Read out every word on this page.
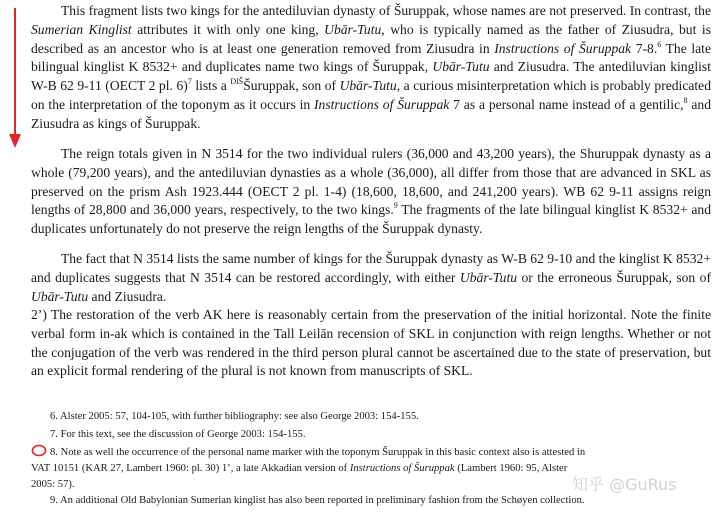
This fragment lists two kings for the antediluvian dynasty of Šuruppak, whose names are not preserved. In contrast, the Sumerian Kinglist attributes it with only one king, Ubār-Tutu, who is typically named as the father of Ziusudra, but is described as an ancestor who is at least one generation removed from Ziusudra in Instructions of Šuruppak 7-8.$^6$ The late bilingual kinglist K 8532+ and duplicates name two kings of Šuruppak, Ubār-Tutu and Ziusudra. The antediluvian kinglist W-B 62 9-11 (OECT 2 pl. 6)$^7$ lists a $^{DIŠ}$Šuruppak, son of Ubār-Tutu, a curious misinterpretation which is probably predicated on the interpretation of the toponym as it occurs in Instructions of Šuruppak 7 as a personal name instead of a gentilic,$^8$ and Ziusudra as kings of Šuruppak.
The reign totals given in N 3514 for the two individual rulers (36,000 and 43,200 years), the Shuruppak dynasty as a whole (79,200 years), and the antediluvian dynasties as a whole (36,000), all differ from those that are advanced in SKL as preserved on the prism Ash 1923.444 (OECT 2 pl. 1-4) (18,600, 18,600, and 241,200 years). WB 62 9-11 assigns reign lengths of 28,800 and 36,000 years, respectively, to the two kings.$^9$ The fragments of the late bilingual kinglist K 8532+ and duplicates unfortunately do not preserve the reign lengths of the Šuruppak dynasty.
The fact that N 3514 lists the same number of kings for the Šuruppak dynasty as W-B 62 9-10 and the kinglist K 8532+ and duplicates suggests that N 3514 can be restored accordingly, with either Ubār-Tutu or the erroneous Šuruppak, son of Ubār-Tutu and Ziusudra.
2’) The restoration of the verb AK here is reasonably certain from the preservation of the initial horizontal. Note the finite verbal form in-ak which is contained in the Tall Leilān recension of SKL in conjunction with reign lengths. Whether or not the conjugation of the verb was rendered in the third person plural cannot be ascertained due to the state of preservation, but an explicit formal rendering of the plural is not known from manuscripts of SKL.
6. Alster 2005: 57, 104-105, with further bibliography: see also George 2003: 154-155.
7. For this text, see the discussion of George 2003: 154-155.
8. Note as well the occurrence of the personal name marker with the toponym Šuruppak in this basic context also is attested in
VAT 10151 (KAR 27, Lambert 1960: pl. 30) 1’, a late Akkadian version of Instructions of Šuruppak (Lambert 1960: 95, Alster
2005: 57).
9. An additional Old Babylonian Sumerian kinglist has also been reported in preliminary fashion from the Schøyen collection.
知乎 @GuRus
